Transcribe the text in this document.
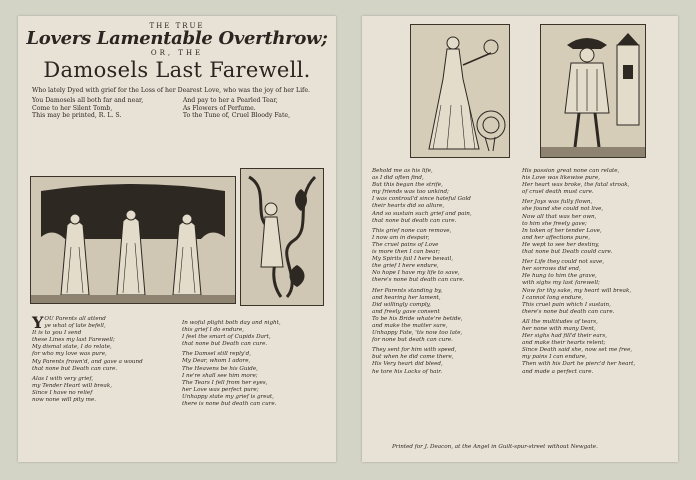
THE TRUE
Lovers Lamentable Overthrow;
OR, THE
Damosels Last Farewell.
Who lately Dyed with grief for the Loss of her Dearest Love, who was the joy of her Life.
You Damosels all both far and near,
Come to her Silent Tomb,
This may be printed, R. L. S.
And pay to her a Pearled Tear,
As Flowers of Perfume.
To the Tune of, Cruel Bloody Fate,

YOU Parents all attend
ye what of late befell,
It is to you I send
these Lines my last Farewell;
My dismal state, I do relate,
for who my love was pure,
My Parents frown'd, and gave a wound
that none but Death can cure.

Alas I with very grief,
my Tender Heart will break,
Since I have no relief
now none will pity me.

In woful plight both day and night,
this grief I do endure,
I feel the smart of Cupids Dart,
that none but Death can cure.

The Damsel still reply'd,
My Dear, whom I adore,
The Heavens be his Guide,
I ne're shall see him more;
The Tears I fell from her eyes,
her Love was perfect pure;
Unhappy state my grief is great,
there is none but death can cure.

Behold me as his life,
as I did often find,
But this began the strife,
my friends was too unkind;
I was controul'd since hateful Gold
their hearts did so allure,
And so sustain such grief and pain,
that none but death can cure.

This grief none can remove,
I now am in despair,
The cruel pains of Love
is more then I can bear;
My Spirits fail I here bewail,
the grief I here endure,
No hope I have my life to save,
there's none but death can cure.

Her Parents standing by,
and hearing her lament,
Did willingly comply,
and freely gave consent
To be his Bride whate're betide,
and make the matter sure,
Unhappy Fate, 'tis now too late,
for none but death can cure.

They sent for him with speed,
but when he did come there,
His Very heart did bleed,
he tore his Locks of hair.

His passion great none can relate,
his Love was likewise pure,
Her heart was broke, the fatal stroak,
of cruel death must cure.

Her Joys was fully flown,
she found she could not live,
Now all that was her own,
to him she freely gave;
In token of her tender Love,
and her affections pure,
He wept to see her destiny,
that none but Death could cure.

Her Life they could not save,
her sorrows did end,
He hung to him the grave,
with sighs my last farewell;
Now for thy sake, my heart will break,
I cannot long endure,
This cruel pain which I sustain,
there's none but death can cure.

All the multitudes of tears,
her none with many Dent,
Her sighs had fill'd their ears,
and make their hearts relent;
Since Death said she, now set me free,
my pains I can endure,
Then with his Dart he pierc'd her heart,
and made a perfect cure.

Printed for J. Deacon, at the Angel in Guilt-spur-street without Newgate.
